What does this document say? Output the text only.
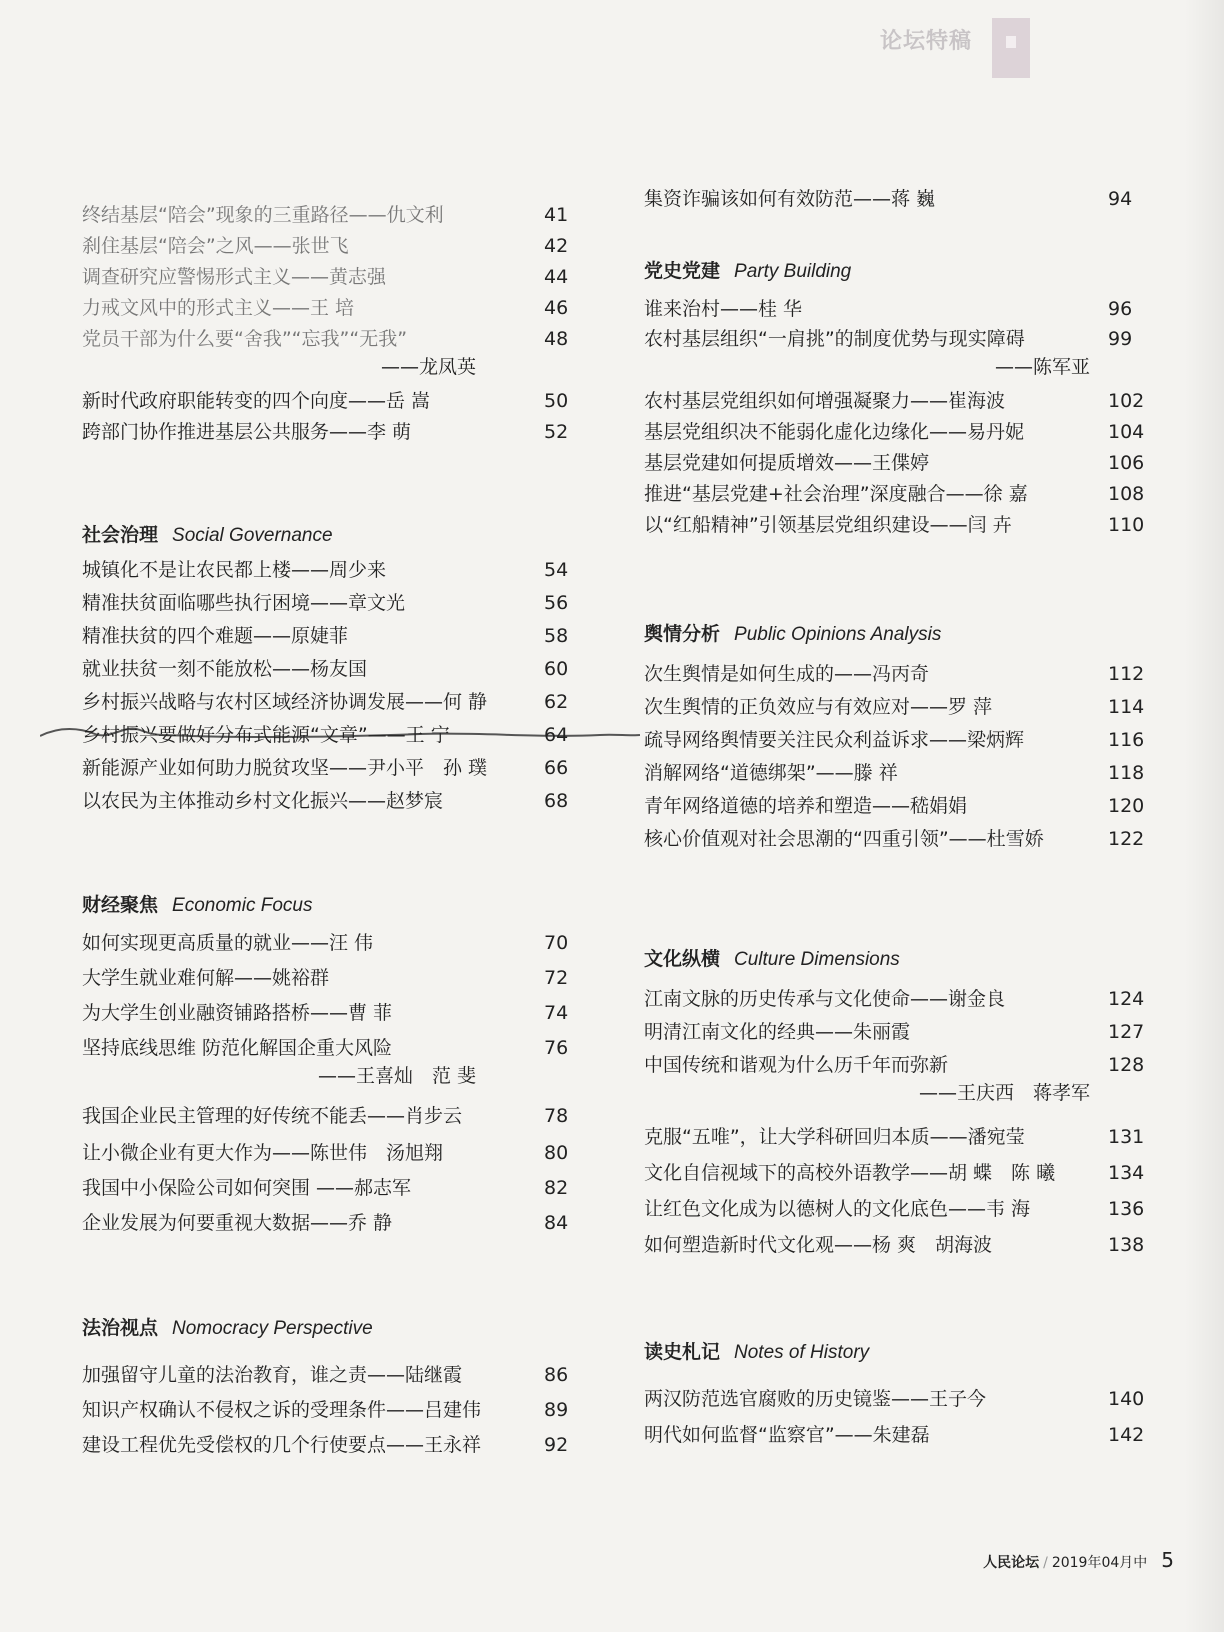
论坛特稿
终结基层“陪会”现象的三重路径——仇文利	41
刹住基层“陪会”之风——张世飞	42
调查研究应警惕形式主义——黄志强	44
力戒文风中的形式主义——王 培	46
党员干部为什么要“舍我”“忘我”“无我”	48
——龙凤英
新时代政府职能转变的四个向度——岳 嵩	50
跨部门协作推进基层公共服务——李 萌	52
社会治理 Social Governance
城镇化不是让农民都上楼——周少来	54
精准扶贫面临哪些执行困境——章文光	56
精准扶贫的四个难题——原婕菲	58
就业扶贫一刻不能放松——杨友国	60
乡村振兴战略与农村区域经济协调发展——何 静	62
乡村振兴要做好分布式能源“文章”——王 宁	64
新能源产业如何助力脱贫攻坚——尹小平　孙 璞	66
以农民为主体推动乡村文化振兴——赵梦宸	68
财经聚焦 Economic Focus
如何实现更高质量的就业——汪 伟	70
大学生就业难何解——姚裕群	72
为大学生创业融资铺路搭桥——曹 菲	74
坚持底线思维 防范化解国企重大风险	76
——王喜灿　范 斐
我国企业民主管理的好传统不能丢——肖步云	78
让小微企业有更大作为——陈世伟　汤旭翔	80
我国中小保险公司如何突围 ——郝志军	82
企业发展为何要重视大数据——乔 静	84
法治视点 Nomocracy Perspective
加强留守儿童的法治教育，谁之责——陆继霞	86
知识产权确认不侵权之诉的受理条件——吕建伟	89
建设工程优先受偿权的几个行使要点——王永祥	92
集资诈骗该如何有效防范——蒋 巍	94
党史党建 Party Building
谁来治村——桂 华	96
农村基层组织“一肩挑”的制度优势与现实障碍	99
——陈军亚
农村基层党组织如何增强凝聚力——崔海波	102
基层党组织决不能弱化虚化边缘化——易丹妮	104
基层党建如何提质增效——王偞婷	106
推进“基层党建+社会治理”深度融合——徐 嘉	108
以“红船精神”引领基层党组织建设——闫 卉	110
舆情分析 Public Opinions Analysis
次生舆情是如何生成的——冯丙奇	112
次生舆情的正负效应与有效应对——罗 萍	114
疏导网络舆情要关注民众利益诉求——梁炳辉	116
消解网络“道德绑架”——滕 祥	118
青年网络道德的培养和塑造——嵇娟娟	120
核心价值观对社会思潮的“四重引领”——杜雪娇	122
文化纵横 Culture Dimensions
江南文脉的历史传承与文化使命——谢金良	124
明清江南文化的经典——朱丽霞	127
中国传统和谐观为什么历千年而弥新	128
——王庆西　蒋孝军
克服“五唯”，让大学科研回归本质——潘宛莹	131
文化自信视域下的高校外语教学——胡 蝶　陈 曦	134
让红色文化成为以德树人的文化底色——韦 海	136
如何塑造新时代文化观——杨 爽　胡海波	138
读史札记 Notes of History
两汉防范选官腐败的历史镜鉴——王子今	140
明代如何监督“监察官”——朱建磊	142
人民论坛 / 2019年04月中 5
